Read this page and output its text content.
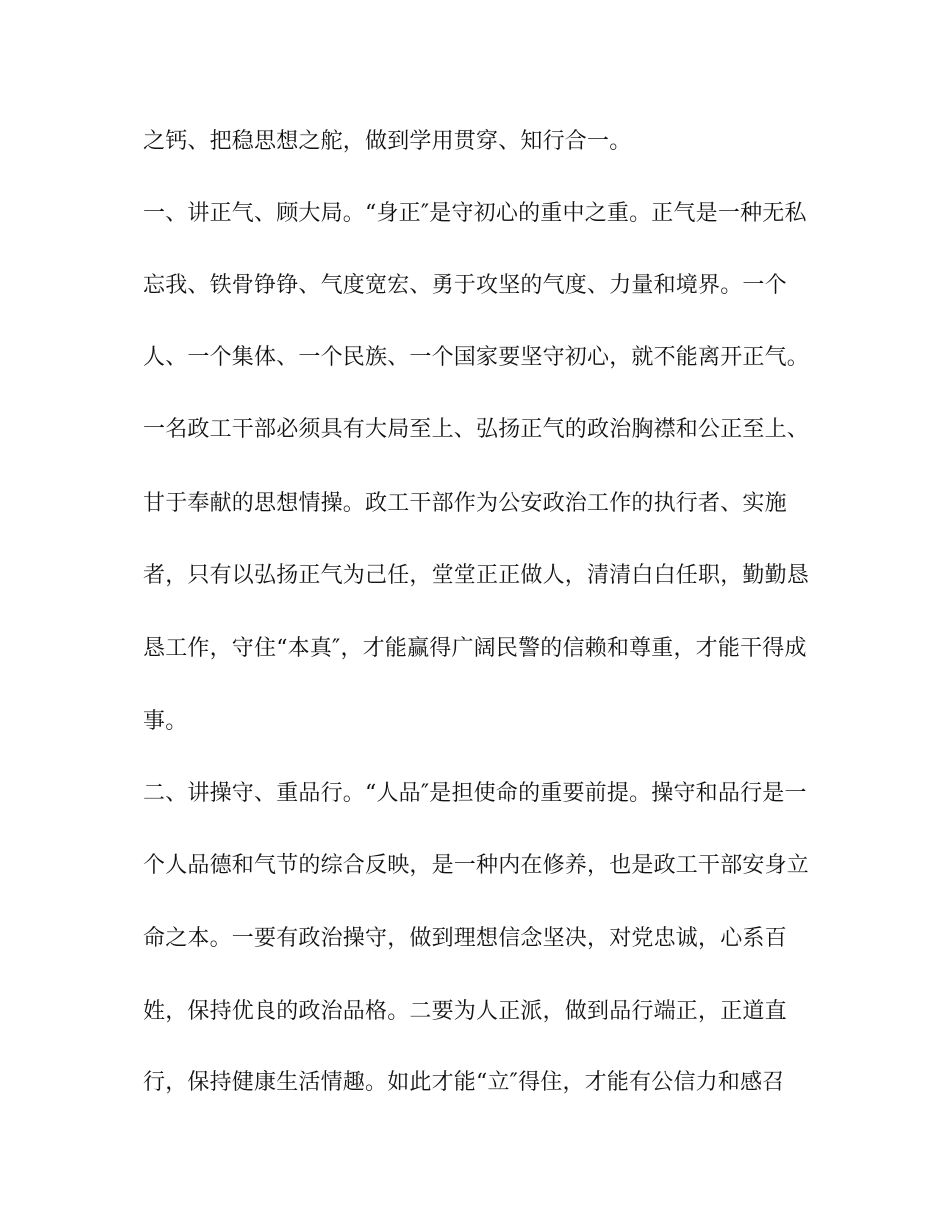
之钙、把稳思想之舵，做到学用贯穿、知行合一。
一、讲正气、顾大局。“身正″是守初心的重中之重。正气是一种无私
忘我、铁骨铮铮、气度宽宏、勇于攻坚的气度、力量和境界。一个
人、一个集体、一个民族、一个国家要坚守初心，就不能离开正气。
一名政工干部必须具有大局至上、弘扬正气的政治胸襟和公正至上、
甘于奉献的思想情操。政工干部作为公安政治工作的执行者、实施
者，只有以弘扬正气为己任，堂堂正正做人，清清白白任职，勤勤恳
恳工作，守住“本真″，才能赢得广阔民警的信赖和尊重，才能干得成
事。
二、讲操守、重品行。“人品″是担使命的重要前提。操守和品行是一
个人品德和气节的综合反映，是一种内在修养，也是政工干部安身立
命之本。一要有政治操守，做到理想信念坚决，对党忠诚，心系百
姓，保持优良的政治品格。二要为人正派，做到品行端正，正道直
行，保持健康生活情趣。如此才能“立″得住，才能有公信力和感召
